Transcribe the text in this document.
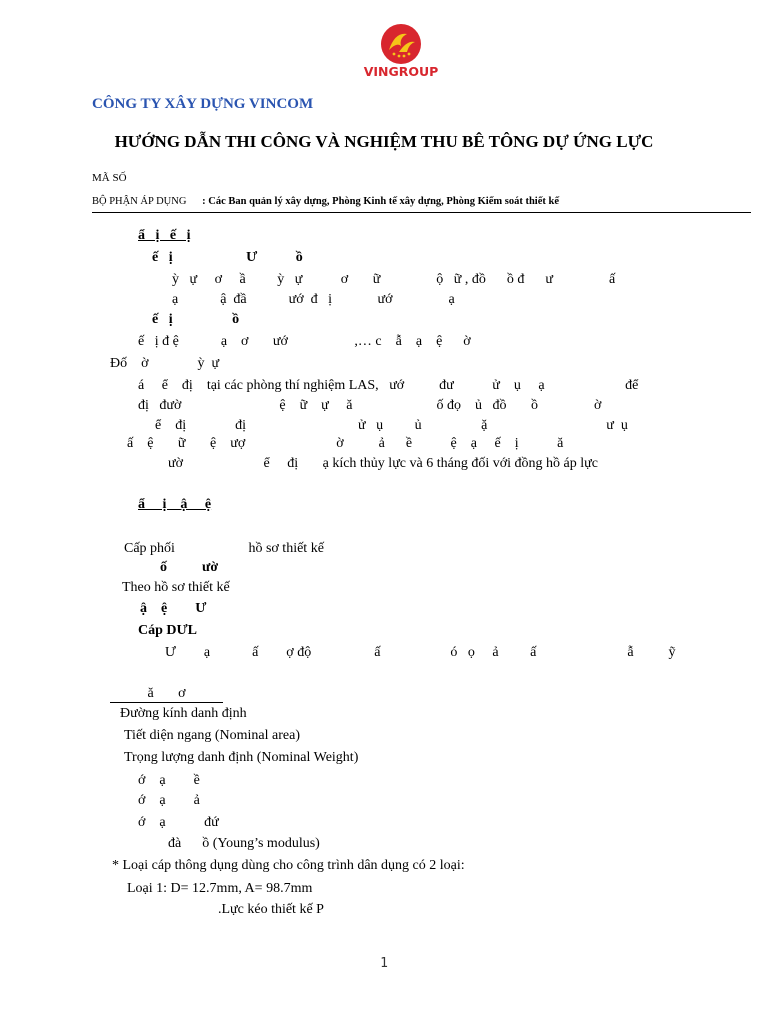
VINGROUP
CÔNG TY XÂY DỰNG VINCOM
HƯỚNG DẪN THI CÔNG VÀ NGHIỆM THU BÊ TÔNG DỰ ỨNG LỰC
MÃ SỐ
BỘ PHẬN ÁP DỤNG : Các Ban quản lý xây dựng, Phòng Kinh tế xây dựng, Phòng Kiểm soát thiết kế
ẩ   ị   ế   ị
ế   ị                     Ư           ồ
ỳ   ự     ơ     ầ         ỳ   ự           ơ       ữ                ộ   ữ , đồ      ồ đ      ư                ấ
ạ            ậ  đầ            ướ  đ   ị             ướ                ạ
ế   ị                 ồ
ế   ị đ ệ            ạ    ơ       ướ                   ,… c    ẫ    ạ    ệ      ờ
Đố    ờ              ỳ  ự
á     ể    đị tại các phòng thí nghiệm LAS, ướ          đư           ử    ụ     ạ                       để
đị   đườ                            ệ    ữ    ự     ă                        ố đọ    ủ   đồ       ồ                ờ
ể    đị              đị                                ử   ụ         ủ                 ặ                                  ư  ụ
ấ    ệ       ữ       ệ    ượ                          ờ          ả      ề           ệ    ạ     ế    ị           ă
ườ                       ể     đị       ạ kích thủy lực và 6 tháng đối với đồng hồ áp lực
ẩ     ị    ậ     ệ
Cấp phối	hồ sơ thiết kế
ố          ườ
Theo hồ sơ thiết kế
ậ    ệ        Ư
Cáp DƯL
Ư        ạ            ấ        ợ độ                  ấ                    ó   ọ     ả         ấ                          ẫ          ỹ
ă       ơ
Đường kính danh định
Tiết diện ngang (Nominal area)
Trọng lượng danh định (Nominal Weight)
ớ    ạ        ề
ớ    ạ        ả
ớ    ạ           đứ
đà      ồ (Young’s modulus)
* Loại cáp thông dụng dùng cho công trình dân dụng có 2 loại:
Loại 1: D= 12.7mm, A= 98.7mm
.Lực kéo thiết kế P
1
